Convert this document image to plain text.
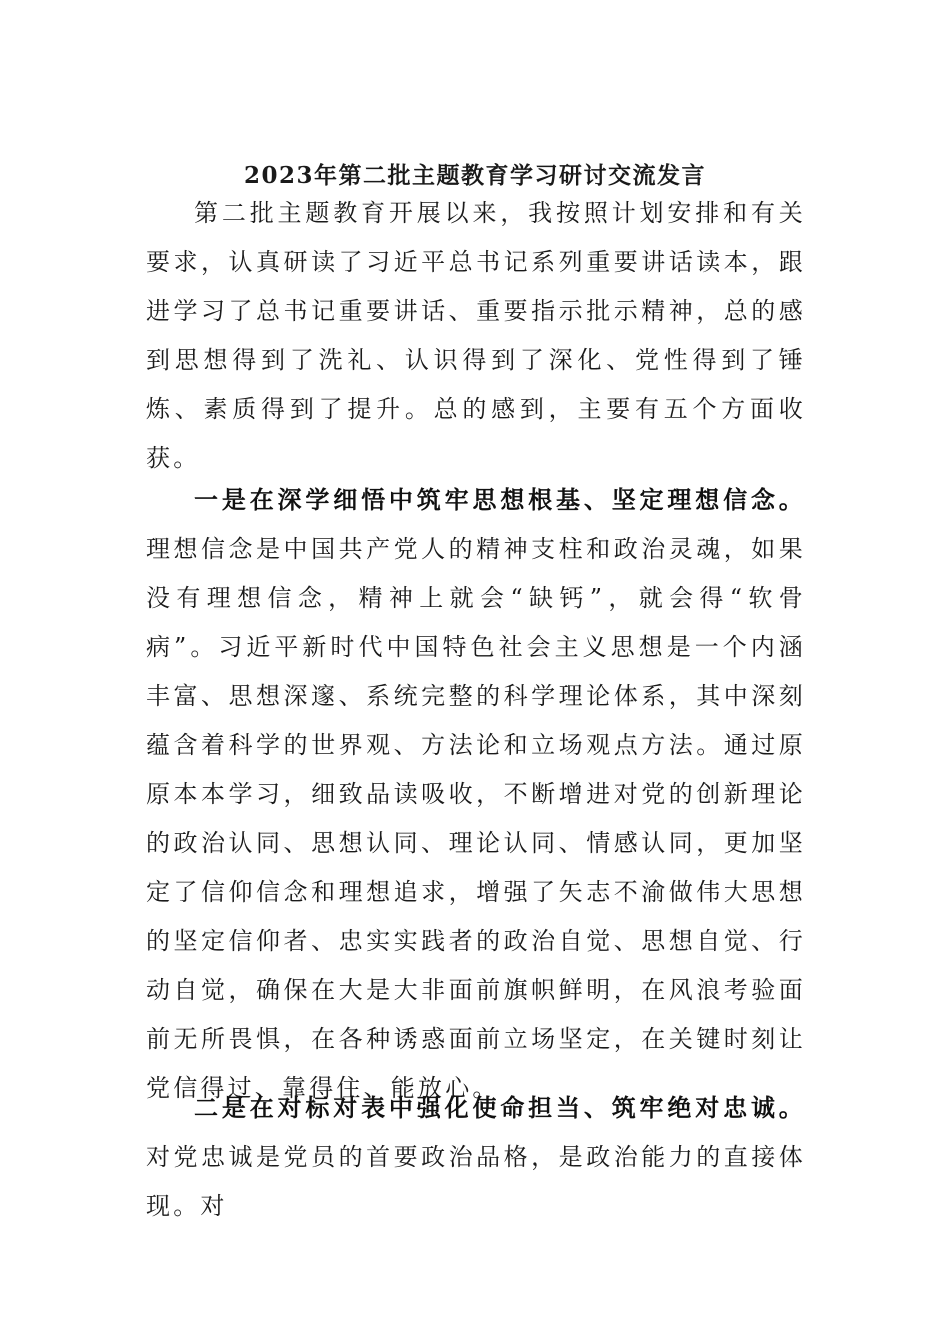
2023年第二批主题教育学习研讨交流发言

第二批主题教育开展以来，我按照计划安排和有关要求，认真研读了习近平总书记系列重要讲话读本，跟进学习了总书记重要讲话、重要指示批示精神，总的感到思想得到了洗礼、认识得到了深化、党性得到了锤炼、素质得到了提升。总的感到，主要有五个方面收获。

一是在深学细悟中筑牢思想根基、坚定理想信念。理想信念是中国共产党人的精神支柱和政治灵魂，如果没有理想信念，精神上就会“缺钙”，就会得“软骨病”。习近平新时代中国特色社会主义思想是一个内涵丰富、思想深邃、系统完整的科学理论体系，其中深刻蕴含着科学的世界观、方法论和立场观点方法。通过原原本本学习，细致品读吸收，不断增进对党的创新理论的政治认同、思想认同、理论认同、情感认同，更加坚定了信仰信念和理想追求，增强了矢志不渝做伟大思想的坚定信仰者、忠实实践者的政治自觉、思想自觉、行动自觉，确保在大是大非面前旗帜鲜明，在风浪考验面前无所畏惧，在各种诱惑面前立场坚定，在关键时刻让党信得过、靠得住、能放心。

二是在对标对表中强化使命担当、筑牢绝对忠诚。对党忠诚是党员的首要政治品格，是政治能力的直接体现。对
